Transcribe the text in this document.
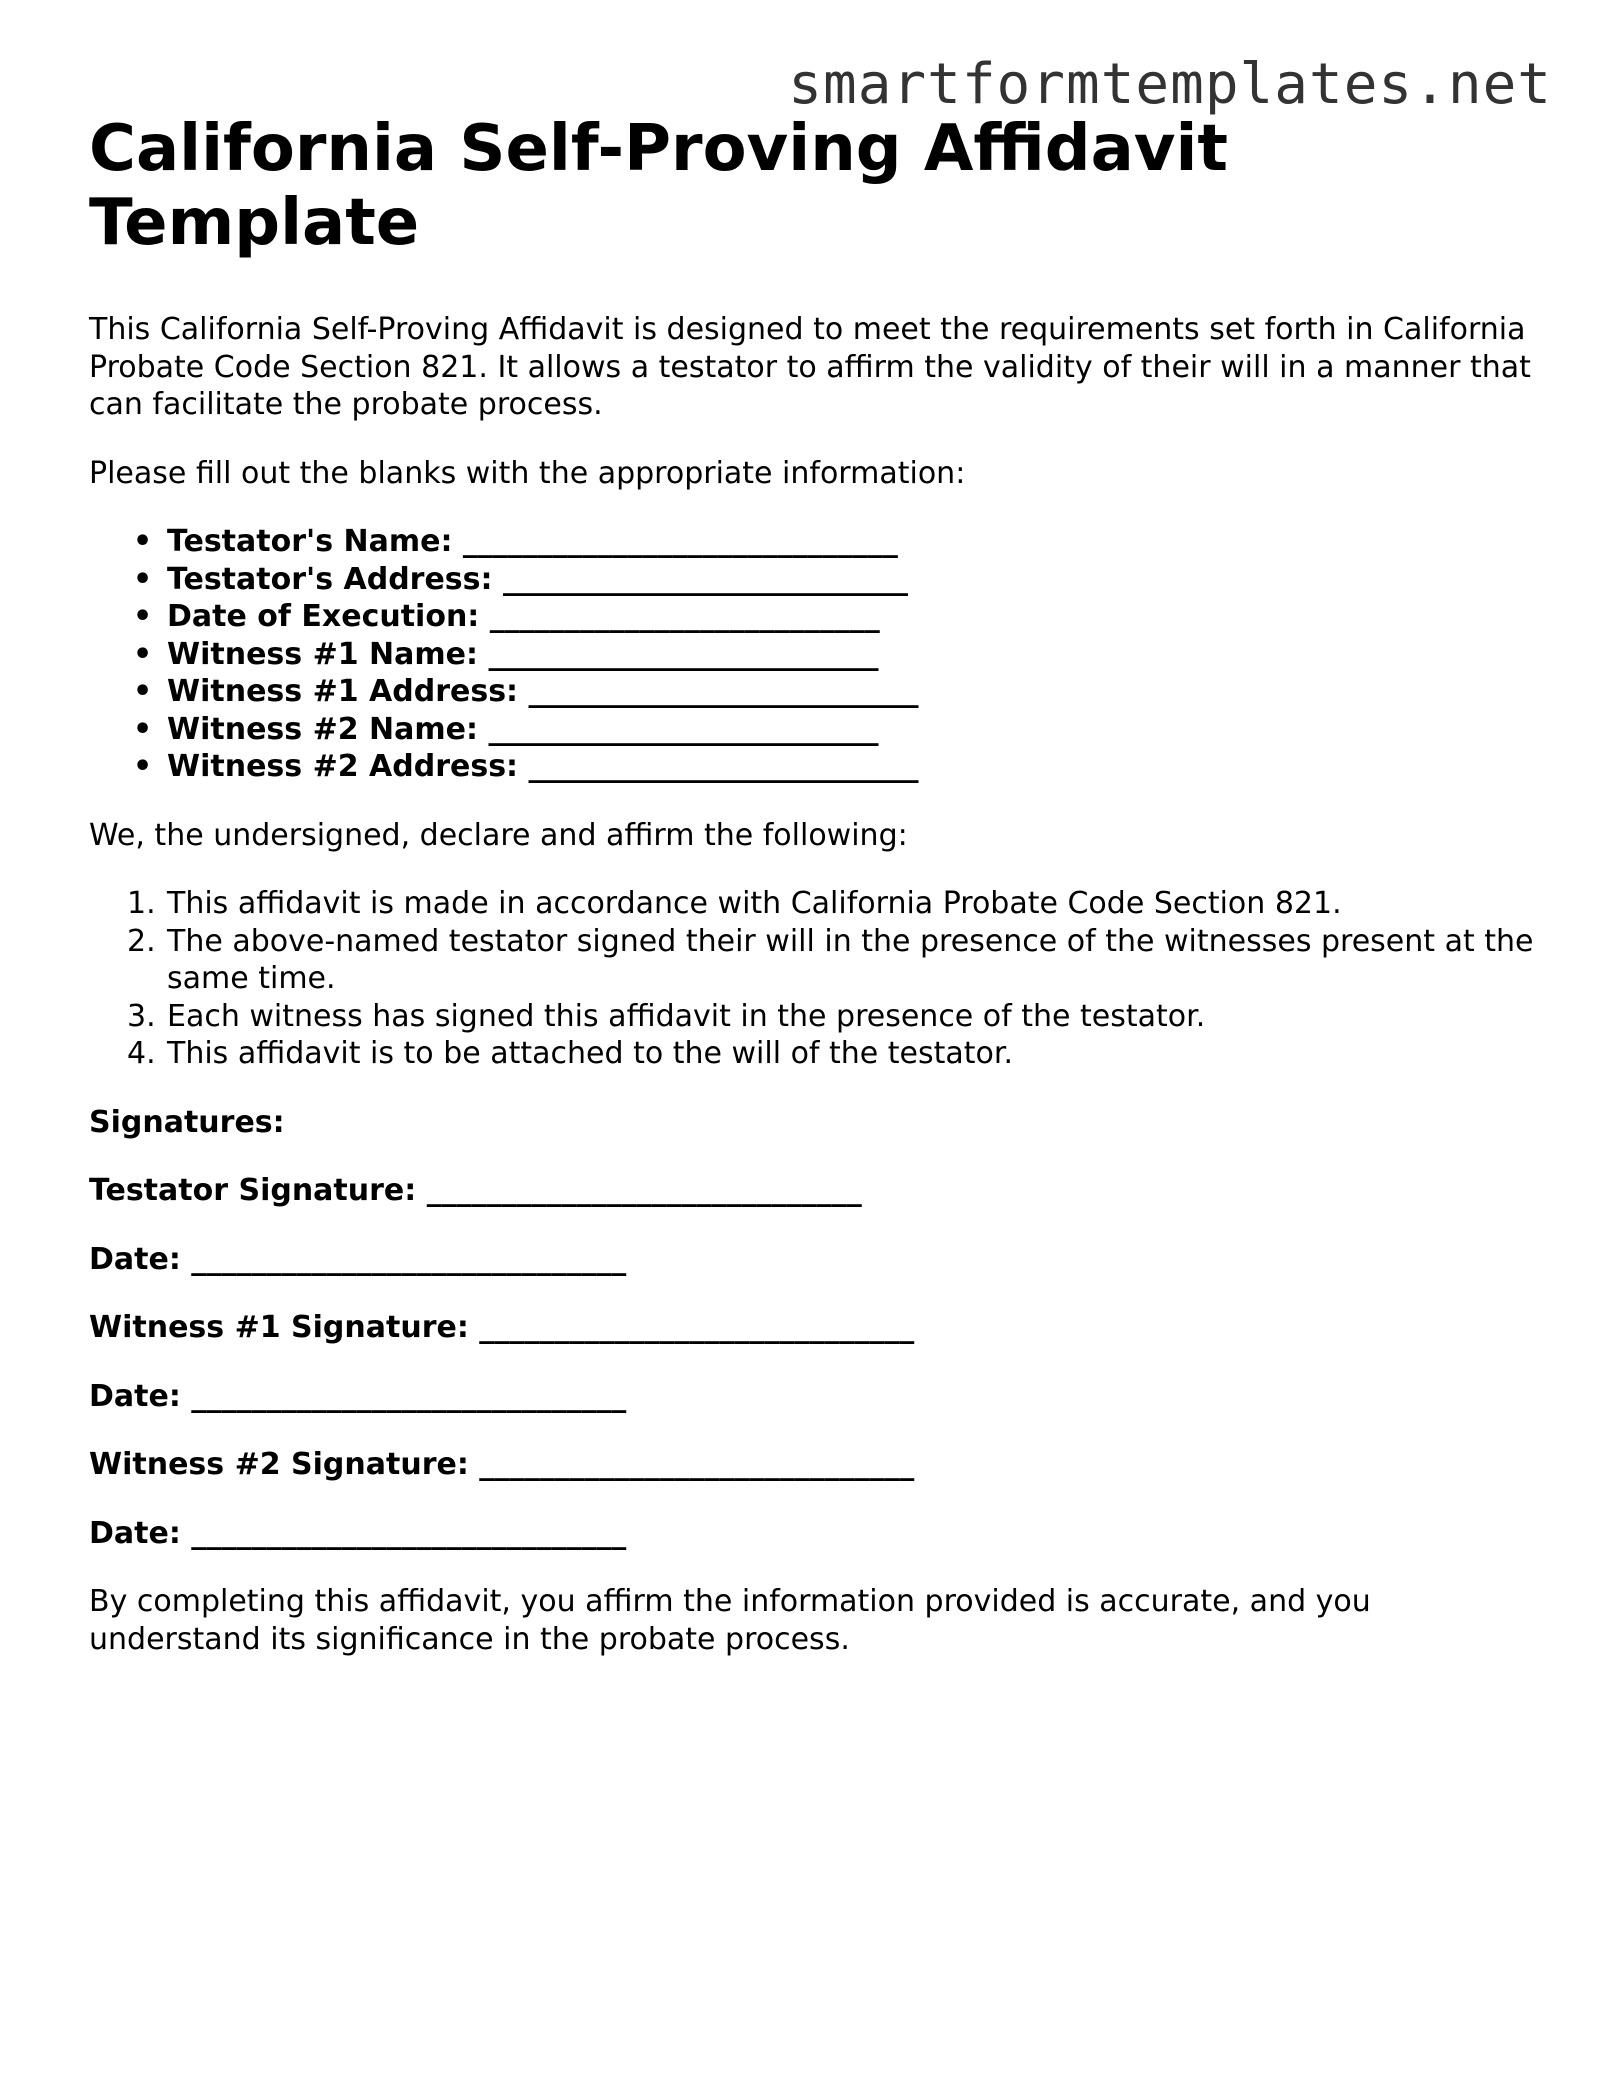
smartformtemplates.net
California Self-Proving Affidavit Template

This California Self-Proving Affidavit is designed to meet the requirements set forth in California Probate Code Section 821. It allows a testator to affirm the validity of their will in a manner that can facilitate the probate process.

Please fill out the blanks with the appropriate information:

• Testator's Name: _____________________________
• Testator's Address: ___________________________
• Date of Execution: __________________________
• Witness #1 Name: __________________________
• Witness #1 Address: __________________________
• Witness #2 Name: __________________________
• Witness #2 Address: __________________________

We, the undersigned, declare and affirm the following:

1. This affidavit is made in accordance with California Probate Code Section 821.
2. The above-named testator signed their will in the presence of the witnesses present at the same time.
3. Each witness has signed this affidavit in the presence of the testator.
4. This affidavit is to be attached to the will of the testator.

Signatures:

Testator Signature: _____________________________

Date: _____________________________

Witness #1 Signature: _____________________________

Date: _____________________________

Witness #2 Signature: _____________________________

Date: _____________________________

By completing this affidavit, you affirm the information provided is accurate, and you understand its significance in the probate process.
